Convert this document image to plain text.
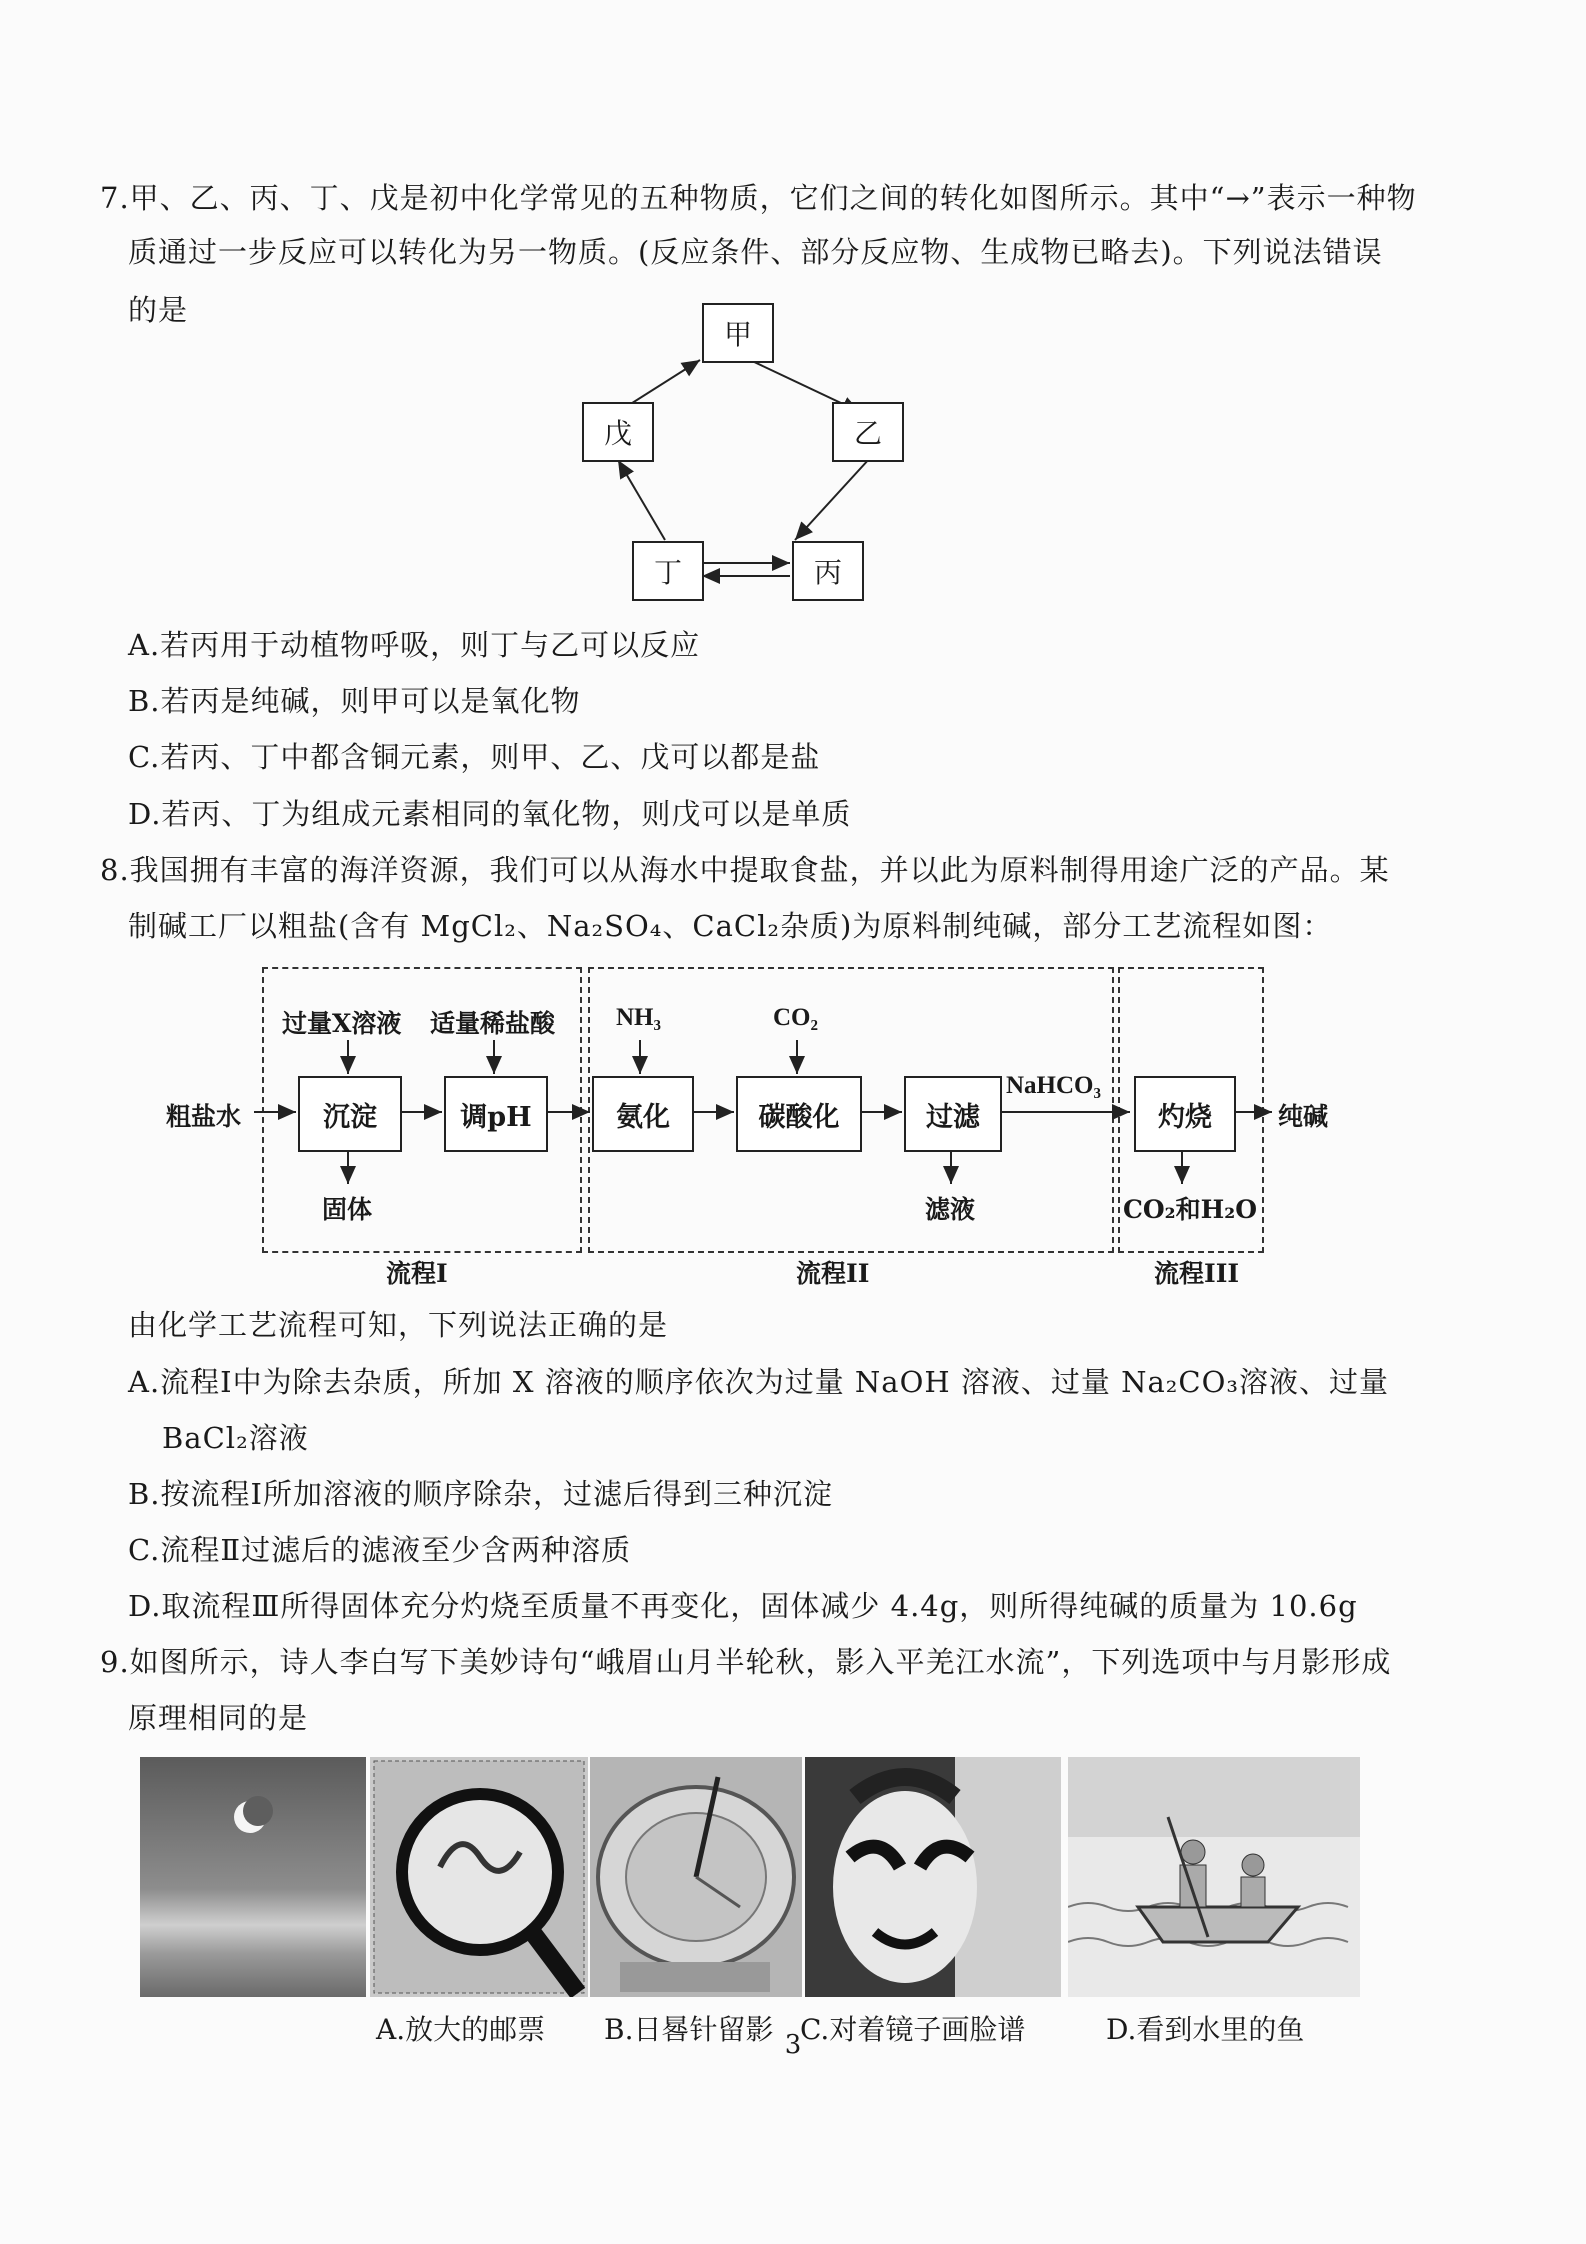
7.甲、乙、丙、丁、戊是初中化学常见的五种物质，它们之间的转化如图所示。其中“→”表示一种物
质通过一步反应可以转化为另一物质。(反应条件、部分反应物、生成物已略去)。下列说法错误
的是
甲
乙
丙
丁
戊
A.若丙用于动植物呼吸，则丁与乙可以反应
B.若丙是纯碱，则甲可以是氧化物
C.若丙、丁中都含铜元素，则甲、乙、戊可以都是盐
D.若丙、丁为组成元素相同的氧化物，则戊可以是单质
8.我国拥有丰富的海洋资源，我们可以从海水中提取食盐，并以此为原料制得用途广泛的产品。某
制碱工厂以粗盐(含有 MgCl₂、Na₂SO₄、CaCl₂杂质)为原料制纯碱，部分工艺流程如图：
粗盐水
过量X溶液 适量稀盐酸 NH₃	CO₂
沉淀	调pH	氨化	碳酸化	过滤
NaHCO₃
灼烧	纯碱
固体	滤液	CO₂和H₂O
流程I	流程II	流程III
由化学工艺流程可知，下列说法正确的是
A.流程Ⅰ中为除去杂质，所加 X 溶液的顺序依次为过量 NaOH 溶液、过量 Na₂CO₃溶液、过量
BaCl₂溶液
B.按流程Ⅰ所加溶液的顺序除杂，过滤后得到三种沉淀
C.流程Ⅱ过滤后的滤液至少含两种溶质
D.取流程Ⅲ所得固体充分灼烧至质量不再变化，固体减少 4.4g，则所得纯碱的质量为 10.6g
9.如图所示，诗人李白写下美妙诗句“峨眉山月半轮秋，影入平羌江水流”，下列选项中与月影形成
原理相同的是
A.放大的邮票 B.日晷针留影 C.对着镜子画脸谱	D.看到水里的鱼
3
